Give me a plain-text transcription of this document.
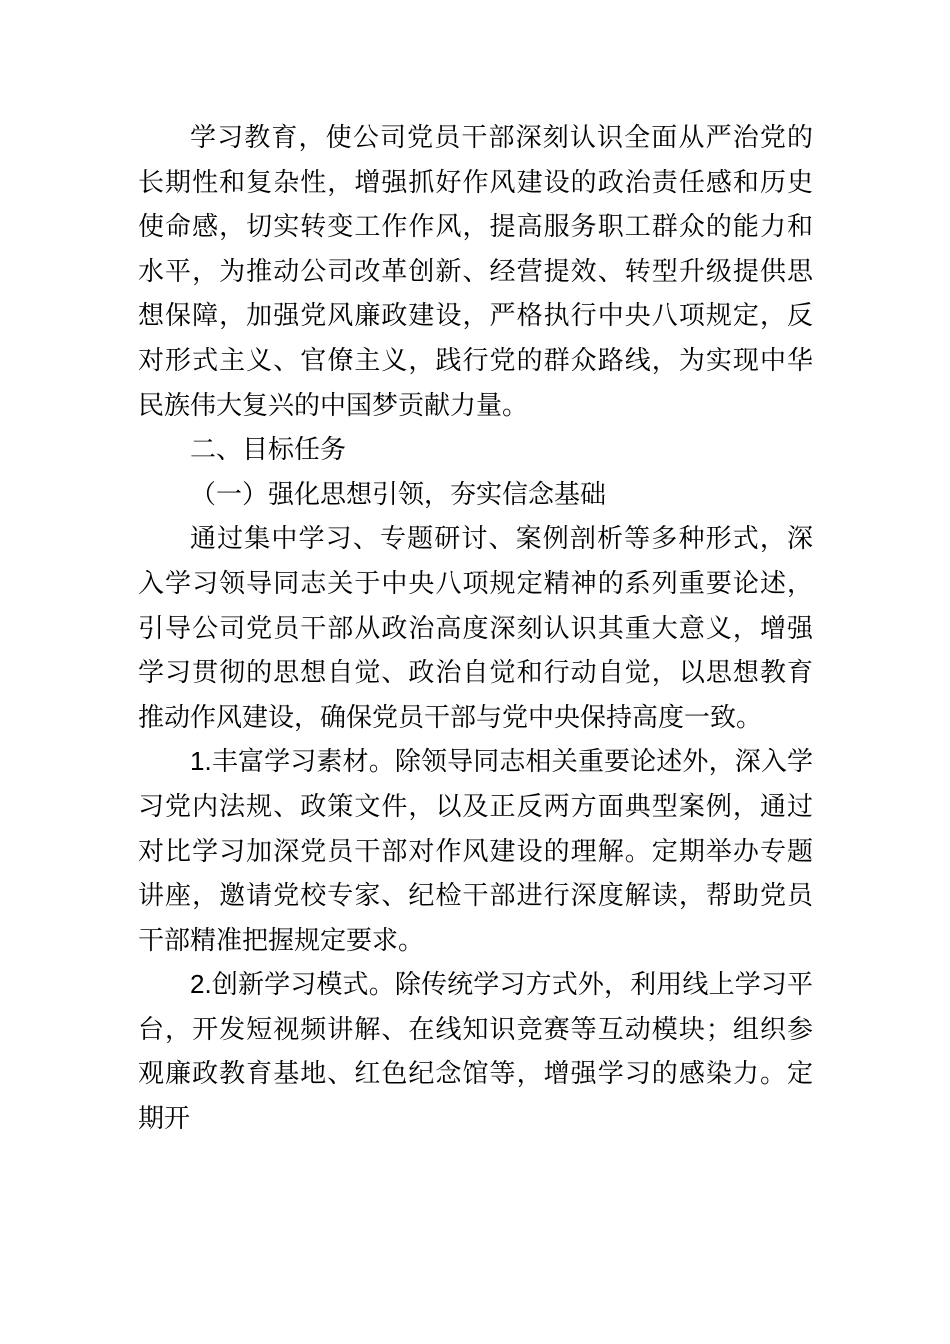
学习教育，使公司党员干部深刻认识全面从严治党的长期性和复杂性，增强抓好作风建设的政治责任感和历史使命感，切实转变工作作风，提高服务职工群众的能力和水平，为推动公司改革创新、经营提效、转型升级提供思想保障，加强党风廉政建设，严格执行中央八项规定，反对形式主义、官僚主义，践行党的群众路线，为实现中华民族伟大复兴的中国梦贡献力量。

二、目标任务

（一）强化思想引领，夯实信念基础

通过集中学习、专题研讨、案例剖析等多种形式，深入学习领导同志关于中央八项规定精神的系列重要论述，引导公司党员干部从政治高度深刻认识其重大意义，增强学习贯彻的思想自觉、政治自觉和行动自觉，以思想教育推动作风建设，确保党员干部与党中央保持高度一致。

1.丰富学习素材。除领导同志相关重要论述外，深入学习党内法规、政策文件，以及正反两方面典型案例，通过对比学习加深党员干部对作风建设的理解。定期举办专题讲座，邀请党校专家、纪检干部进行深度解读，帮助党员干部精准把握规定要求。

2.创新学习模式。除传统学习方式外，利用线上学习平台，开发短视频讲解、在线知识竞赛等互动模块；组织参观廉政教育基地、红色纪念馆等，增强学习的感染力。定期开
